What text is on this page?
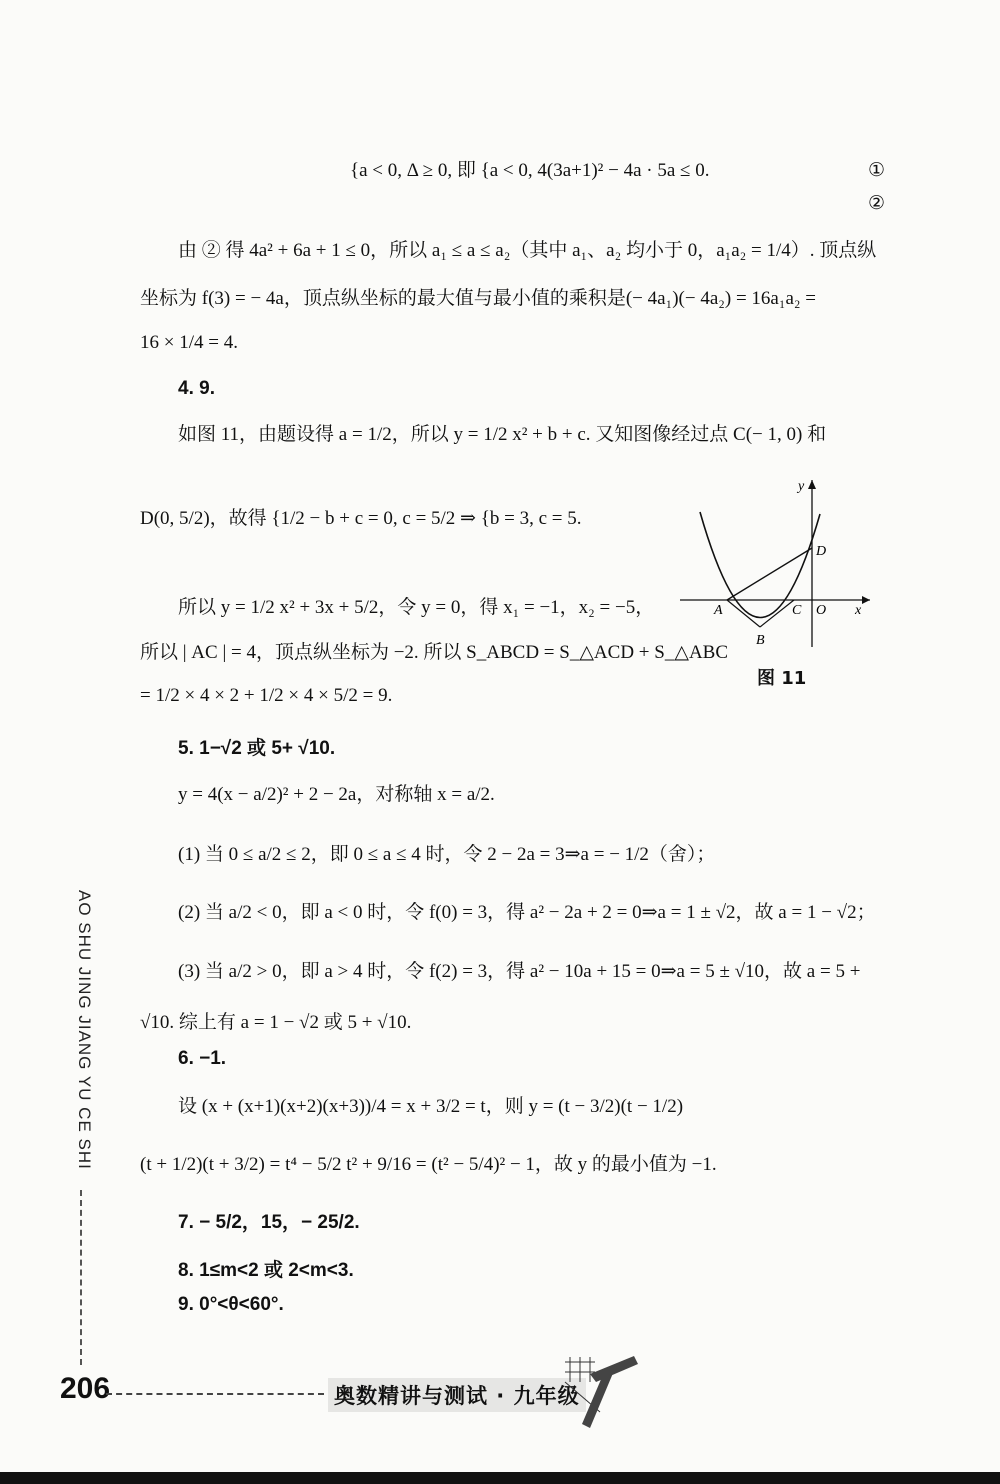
{a < 0, Δ ≥ 0, 即 {a < 0, 4(3a+1)² − 4a · 5a ≤ 0.	①
②
由 ② 得 4a² + 6a + 1 ≤ 0，所以 a₁ ≤ a ≤ a₂（其中 a₁、a₂ 均小于 0，a₁a₂ = 1/4）. 顶点纵
坐标为 f(3) = − 4a，顶点纵坐标的最大值与最小值的乘积是(− 4a₁)(− 4a₂) = 16a₁a₂ =
16 × 1/4 = 4.
4. 9.
如图 11，由题设得 a = 1/2，所以 y = 1/2 x² + b + c. 又知图像经过点 C(− 1, 0) 和
D(0, 5/2)，故得 {1/2 − b + c = 0, c = 5/2 ⇒ {b = 3, c = 5.
所以 y = 1/2 x² + 3x + 5/2，令 y = 0，得 x₁ = −1，x₂ = −5，
所以 | AC | = 4，顶点纵坐标为 −2. 所以 S_ABCD = S_△ACD + S_△ABC
= 1/2 × 4 × 2 + 1/2 × 4 × 5/2 = 9.
5. 1−√2 或 5+ √10.
y = 4(x − a/2)² + 2 − 2a，对称轴 x = a/2.
(1) 当 0 ≤ a/2 ≤ 2，即 0 ≤ a ≤ 4 时，令 2 − 2a = 3⇒a = − 1/2（舍）；
(2) 当 a/2 < 0，即 a < 0 时，令 f(0) = 3，得 a² − 2a + 2 = 0⇒a = 1 ± √2，故 a = 1 − √2；
(3) 当 a/2 > 0，即 a > 4 时，令 f(2) = 3，得 a² − 10a + 15 = 0⇒a = 5 ± √10，故 a = 5 +
√10. 综上有 a = 1 − √2 或 5 + √10.
6. −1.
设 (x + (x+1)(x+2)(x+3))/4 = x + 3/2 = t，则 y = (t − 3/2)(t − 1/2)
(t + 1/2)(t + 3/2) = t⁴ − 5/2 t² + 9/16 = (t² − 5/4)² − 1，故 y 的最小值为 −1.
7. − 5/2，15，− 25/2.
8. 1≤m<2 或 2<m<3.
9. 0°<θ<60°.
A
B
C O
D
x
y
图 11
AO SHU JING JIANG YU CE SHI
206	奥数精讲与测试 · 九年级
